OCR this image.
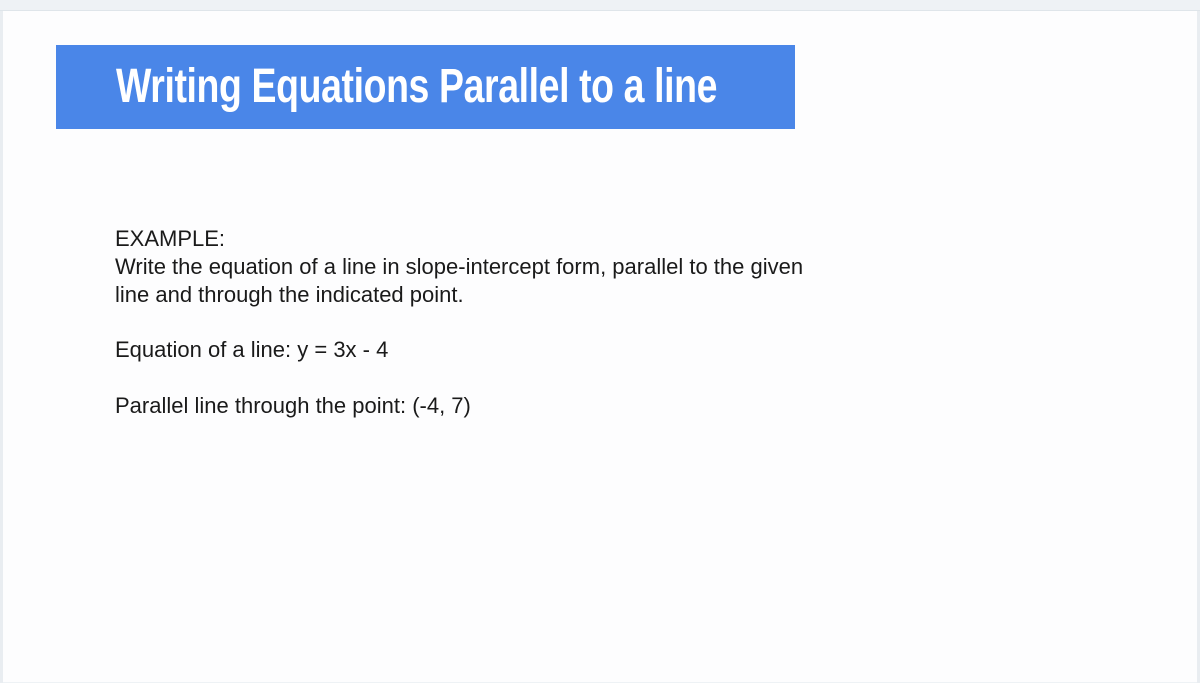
Writing Equations Parallel to a line
EXAMPLE:
Write the equation of a line in slope-intercept form, parallel to the given
line and through the indicated point.
Equation of a line: y = 3x - 4
Parallel line through the point: (-4, 7)
